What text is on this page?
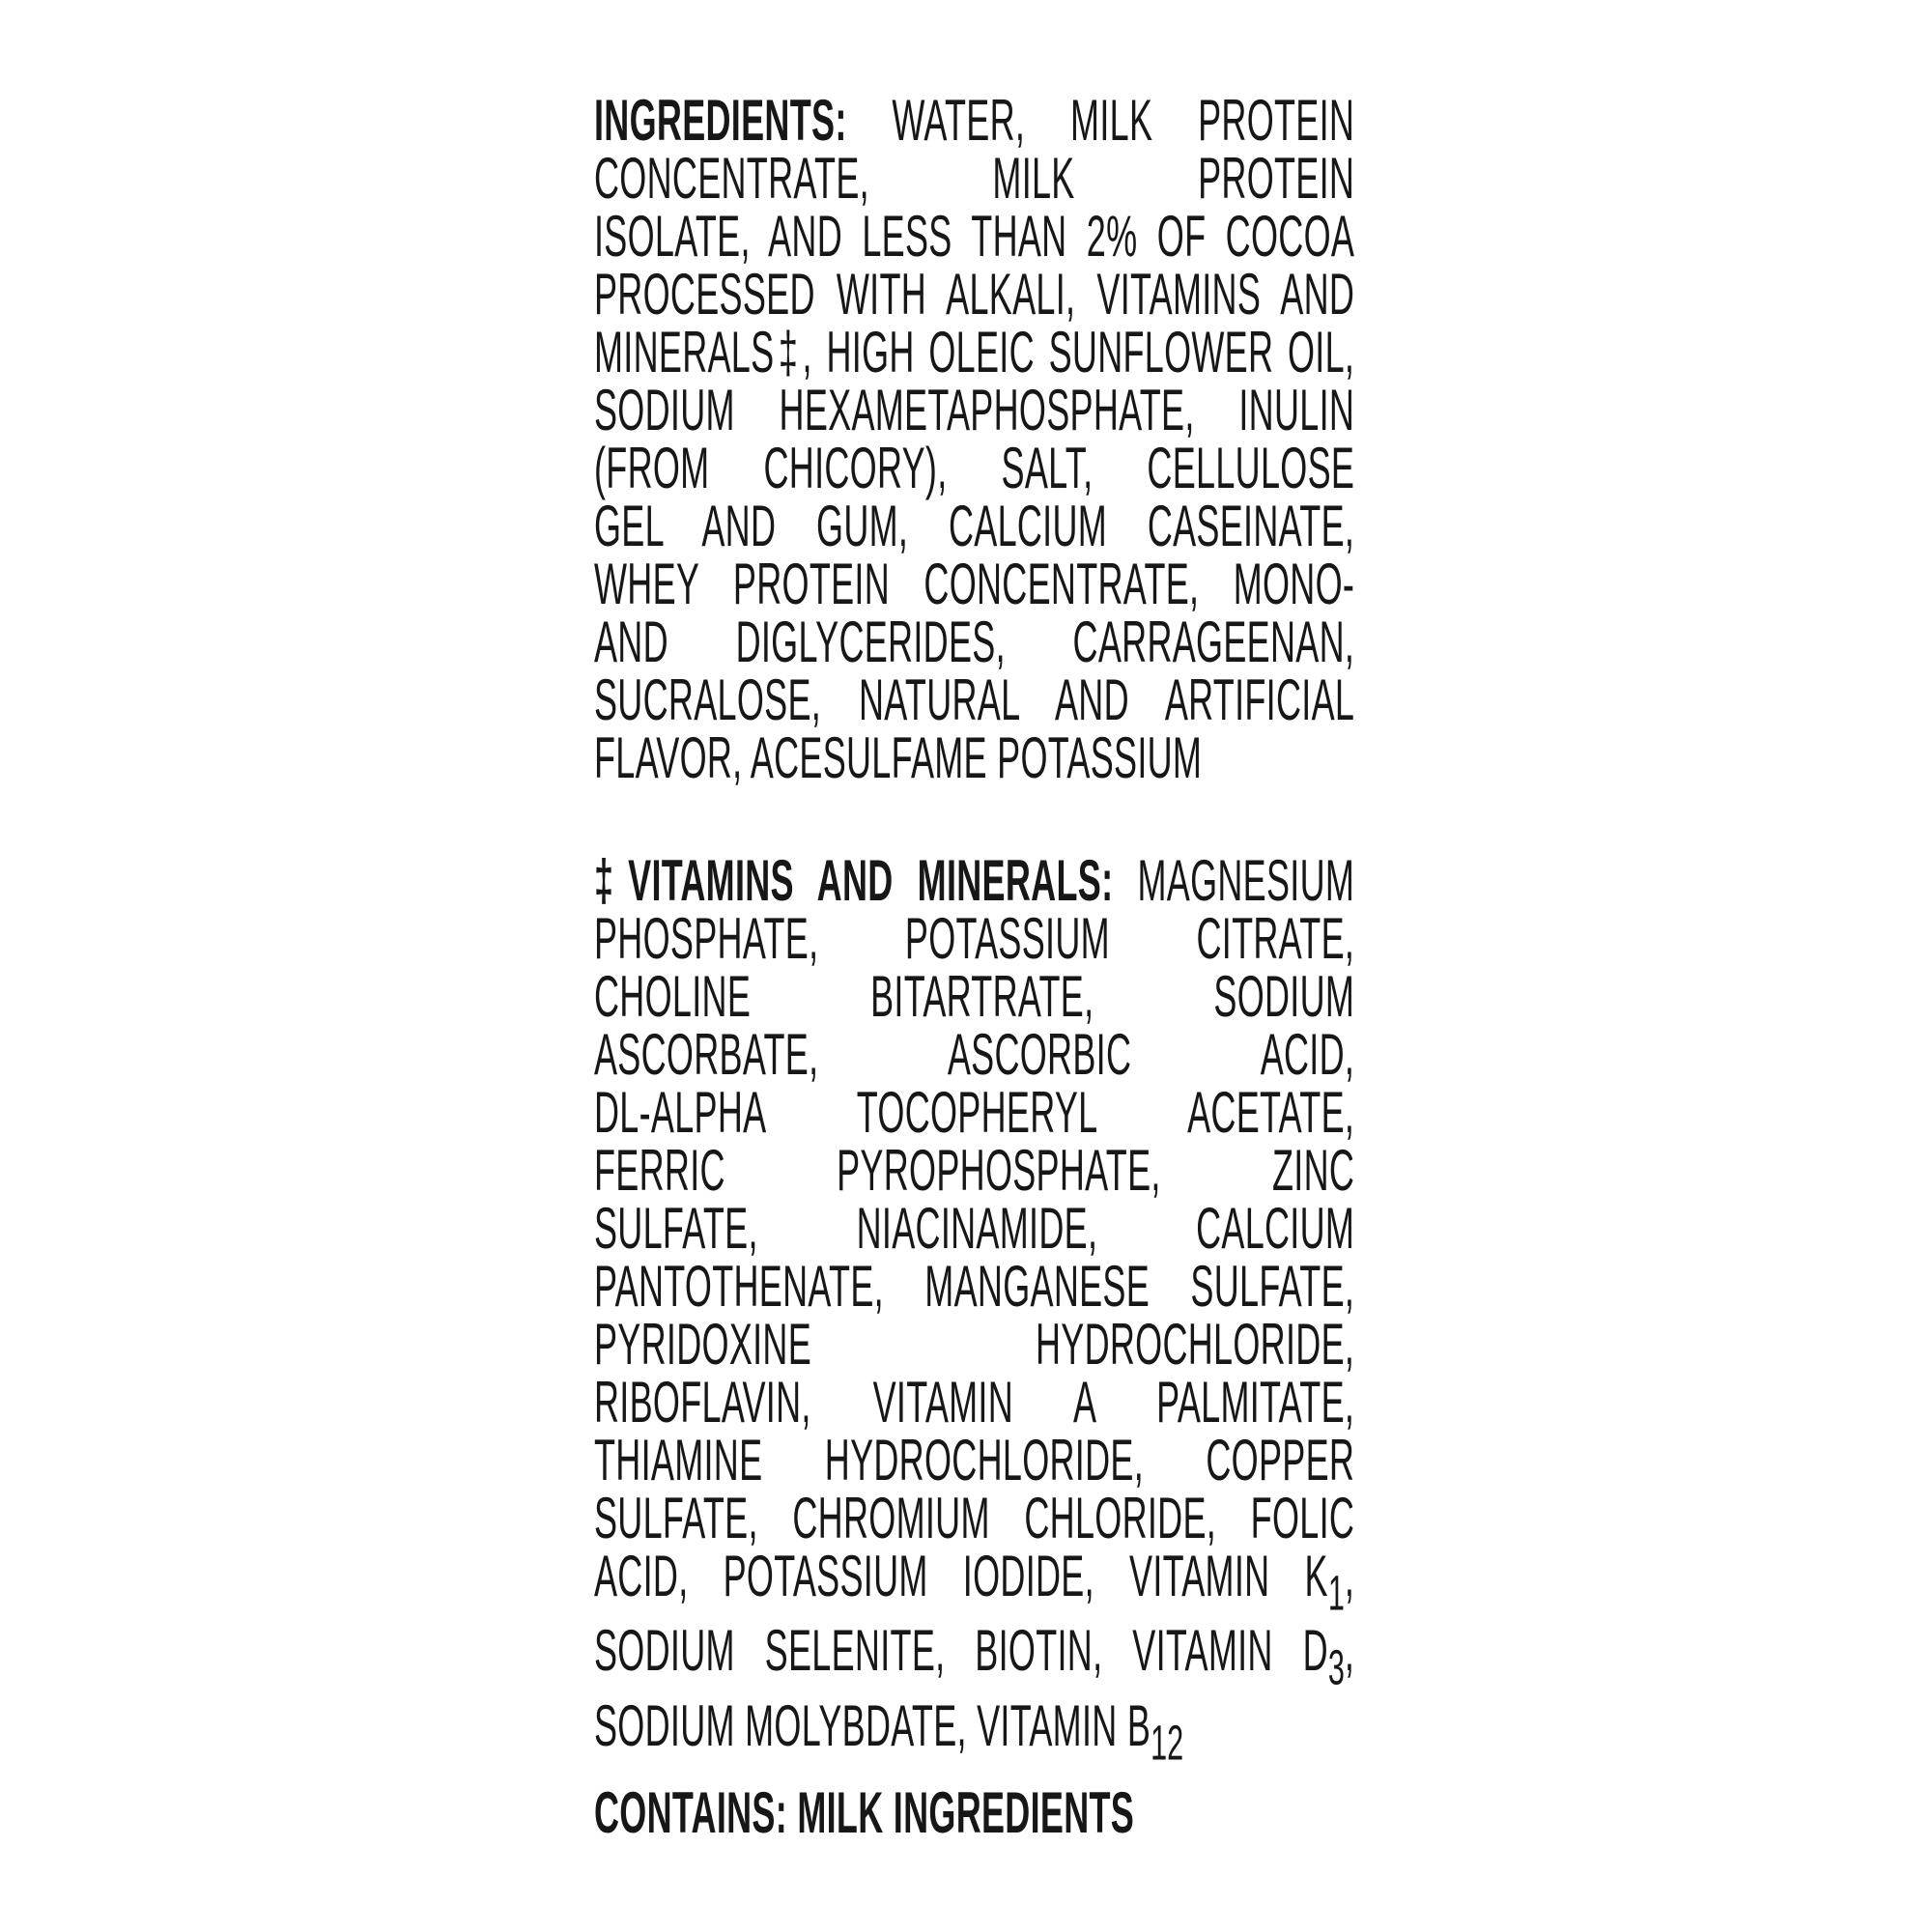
INGREDIENTS: WATER, MILK PROTEIN
CONCENTRATE, MILK PROTEIN
ISOLATE, AND LESS THAN 2% OF COCOA
PROCESSED WITH ALKALI, VITAMINS AND
MINERALS‡, HIGH OLEIC SUNFLOWER OIL,
SODIUM HEXAMETAPHOSPHATE, INULIN
(FROM CHICORY), SALT, CELLULOSE
GEL AND GUM, CALCIUM CASEINATE,
WHEY PROTEIN CONCENTRATE, MONO-
AND DIGLYCERIDES, CARRAGEENAN,
SUCRALOSE, NATURAL AND ARTIFICIAL
FLAVOR, ACESULFAME POTASSIUM
‡VITAMINS AND MINERALS: MAGNESIUM
PHOSPHATE, POTASSIUM CITRATE,
CHOLINE BITARTRATE, SODIUM
ASCORBATE, ASCORBIC ACID,
DL-ALPHA TOCOPHERYL ACETATE,
FERRIC PYROPHOSPHATE, ZINC
SULFATE, NIACINAMIDE, CALCIUM
PANTOTHENATE, MANGANESE SULFATE,
PYRIDOXINE HYDROCHLORIDE,
RIBOFLAVIN, VITAMIN A PALMITATE,
THIAMINE HYDROCHLORIDE, COPPER
SULFATE, CHROMIUM CHLORIDE, FOLIC
ACID, POTASSIUM IODIDE, VITAMIN $K_1$,
SODIUM SELENITE, BIOTIN, VITAMIN $D_3$,
SODIUM MOLYBDATE, VITAMIN $B_{12}$
CONTAINS: MILK INGREDIENTS
